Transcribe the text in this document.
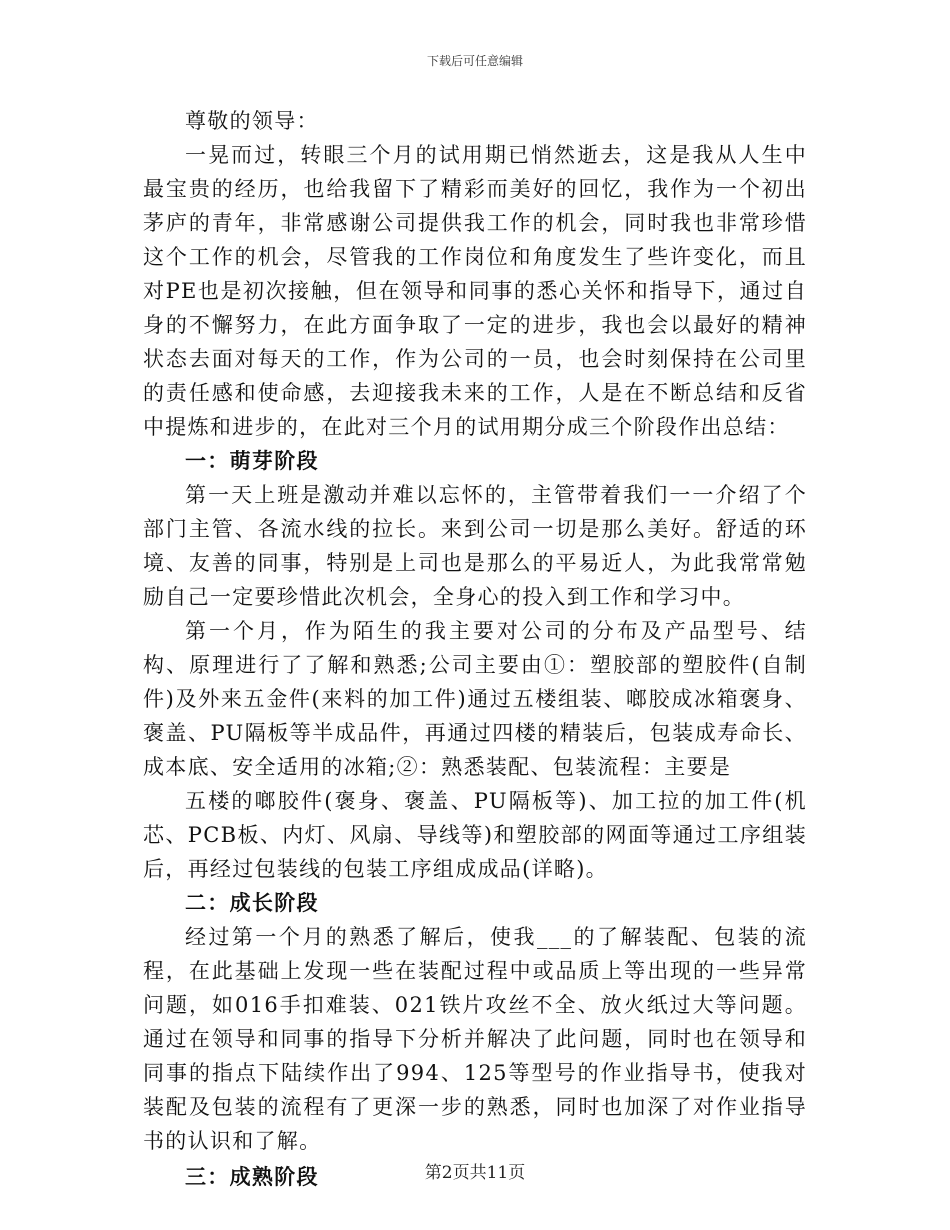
下载后可任意编辑

尊敬的领导：

一晃而过，转眼三个月的试用期已悄然逝去，这是我从人生中最宝贵的经历，也给我留下了精彩而美好的回忆，我作为一个初出茅庐的青年，非常感谢公司提供我工作的机会，同时我也非常珍惜这个工作的机会，尽管我的工作岗位和角度发生了些许变化，而且对PE也是初次接触，但在领导和同事的悉心关怀和指导下，通过自身的不懈努力，在此方面争取了一定的进步，我也会以最好的精神状态去面对每天的工作，作为公司的一员，也会时刻保持在公司里的责任感和使命感，去迎接我未来的工作，人是在不断总结和反省中提炼和进步的，在此对三个月的试用期分成三个阶段作出总结：

一：萌芽阶段

第一天上班是激动并难以忘怀的，主管带着我们一一介绍了个部门主管、各流水线的拉长。来到公司一切是那么美好。舒适的环境、友善的同事，特别是上司也是那么的平易近人，为此我常常勉励自己一定要珍惜此次机会，全身心的投入到工作和学习中。

第一个月，作为陌生的我主要对公司的分布及产品型号、结构、原理进行了了解和熟悉;公司主要由①：塑胶部的塑胶件(自制件)及外来五金件(来料的加工件)通过五楼组装、啷胶成冰箱褒身、褒盖、PU隔板等半成品件，再通过四楼的精装后，包装成寿命长、成本底、安全适用的冰箱;②：熟悉装配、包装流程：主要是

五楼的啷胶件(褒身、褒盖、PU隔板等)、加工拉的加工件(机芯、PCB板、内灯、风扇、导线等)和塑胶部的网面等通过工序组装后，再经过包装线的包装工序组成成品(详略)。

二：成长阶段

经过第一个月的熟悉了解后，使我___的了解装配、包装的流程，在此基础上发现一些在装配过程中或品质上等出现的一些异常问题，如016手扣难装、021铁片攻丝不全、放火纸过大等问题。通过在领导和同事的指导下分析并解决了此问题，同时也在领导和同事的指点下陆续作出了994、125等型号的作业指导书，使我对装配及包装的流程有了更深一步的熟悉，同时也加深了对作业指导书的认识和了解。

三：成熟阶段	第2页共11页
